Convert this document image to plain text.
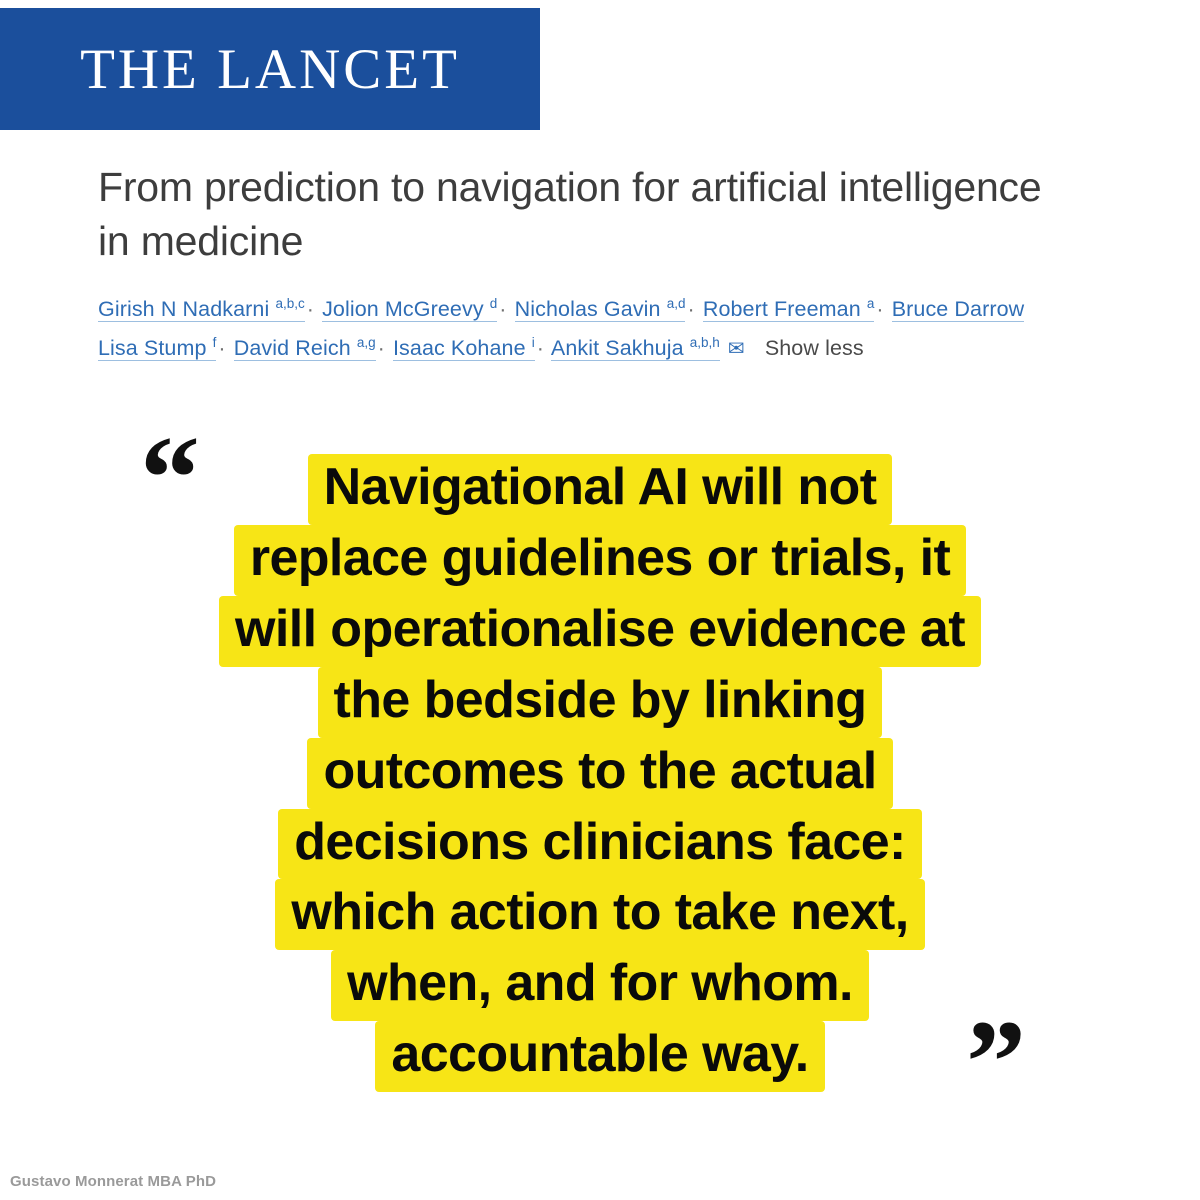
THE LANCET
From prediction to navigation for artificial intelligence in medicine
Girish N Nadkarni $^{a,b,c}$· Jolion McGreevy $^d$· Nicholas Gavin $^{a,d}$· Robert Freeman $^a$· Bruce Darrow
Lisa Stump $^f$· David Reich $^{a,g}$· Isaac Kohane $^i$· Ankit Sakhuja $^{a,b,h}$ ✉ Show less
“ Navigational AI will not
replace guidelines or trials, it
will operationalise evidence at
the bedside by linking
outcomes to the actual
decisions clinicians face:
which action to take next,
when, and for whom.
accountable way. ”
Gustavo Monnerat MBA PhD
